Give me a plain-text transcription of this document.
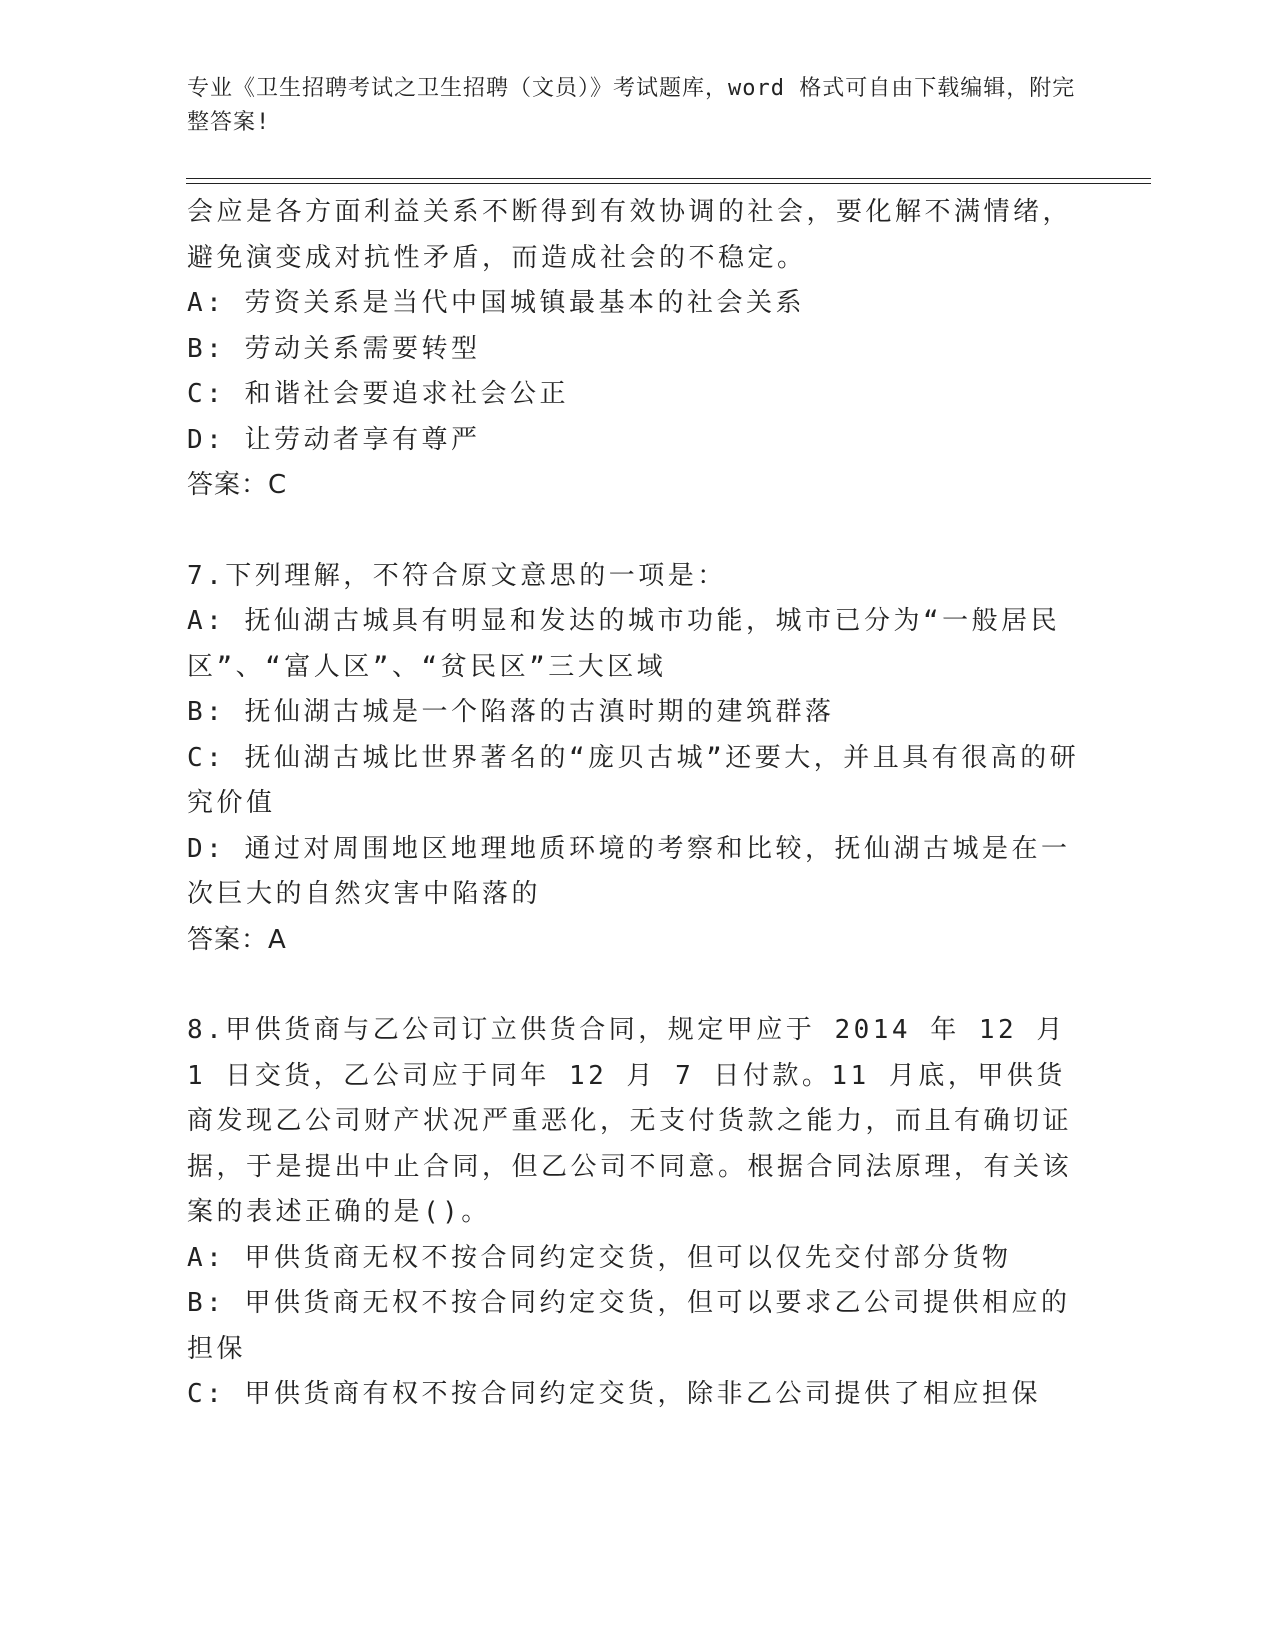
专业《卫生招聘考试之卫生招聘（文员）》考试题库，word 格式可自由下载编辑，附完整答案!

会应是各方面利益关系不断得到有效协调的社会，要化解不满情绪，

避免演变成对抗性矛盾，而造成社会的不稳定。

A: 劳资关系是当代中国城镇最基本的社会关系

B: 劳动关系需要转型

C: 和谐社会要追求社会公正

D: 让劳动者享有尊严

答案：C

7.下列理解，不符合原文意思的一项是：

A: 抚仙湖古城具有明显和发达的城市功能，城市已分为“一般居民区”、“富人区”、“贫民区”三大区域

B: 抚仙湖古城是一个陷落的古滇时期的建筑群落

C: 抚仙湖古城比世界著名的“庞贝古城”还要大，并且具有很高的研究价值

D: 通过对周围地区地理地质环境的考察和比较，抚仙湖古城是在一次巨大的自然灾害中陷落的

答案：A

8.甲供货商与乙公司订立供货合同，规定甲应于 2014 年 12 月 1 日交货，乙公司应于同年 12 月 7 日付款。11 月底，甲供货商发现乙公司财产状况严重恶化，无支付货款之能力，而且有确切证据，于是提出中止合同，但乙公司不同意。根据合同法原理，有关该案的表述正确的是()。

A: 甲供货商无权不按合同约定交货，但可以仅先交付部分货物

B: 甲供货商无权不按合同约定交货，但可以要求乙公司提供相应的担保

C: 甲供货商有权不按合同约定交货，除非乙公司提供了相应担保
